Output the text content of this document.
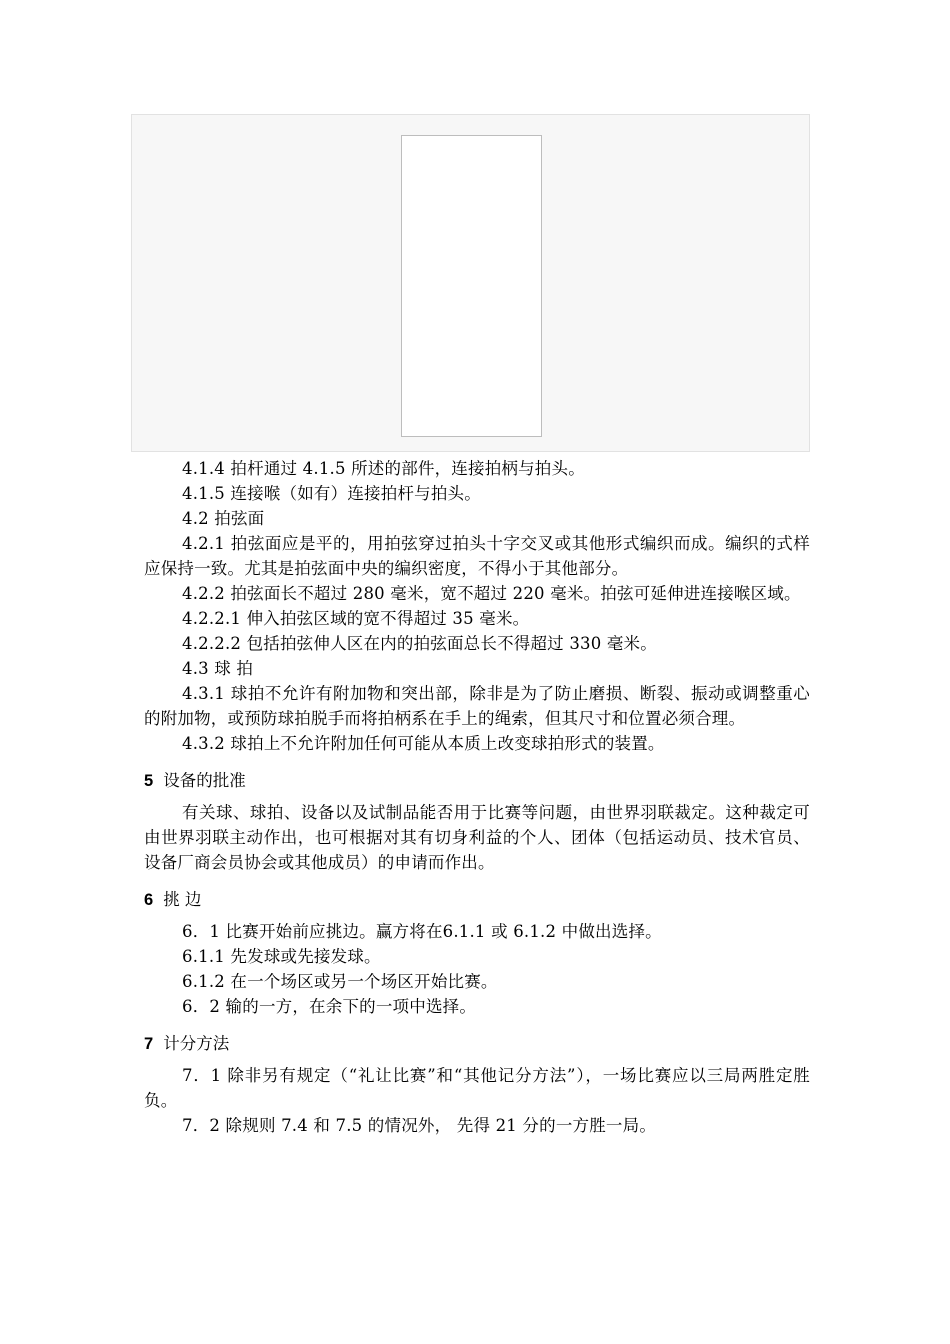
4.1.4 拍杆通过 4.1.5 所述的部件，连接拍柄与拍头。

4.1.5 连接喉（如有）连接拍杆与拍头。

4.2 拍弦面

4.2.1 拍弦面应是平的，用拍弦穿过拍头十字交叉或其他形式编织而成。编织的式样应保持一致。尤其是拍弦面中央的编织密度，不得小于其他部分。

4.2.2 拍弦面长不超过 280 毫米，宽不超过 220 毫米。拍弦可延伸进连接喉区域。

4.2.2.1 伸入拍弦区域的宽不得超过 35 毫米。

4.2.2.2 包括拍弦伸人区在内的拍弦面总长不得超过 330 毫米。

4.3 球 拍

4.3.1 球拍不允许有附加物和突出部，除非是为了防止磨损、断裂、振动或调整重心的附加物，或预防球拍脱手而将拍柄系在手上的绳索，但其尺寸和位置必须合理。

4.3.2 球拍上不允许附加任何可能从本质上改变球拍形式的装置。

5 设备的批准

有关球、球拍、设备以及试制品能否用于比赛等问题，由世界羽联裁定。这种裁定可由世界羽联主动作出，也可根据对其有切身利益的个人、团体（包括运动员、技术官员、设备厂商会员协会或其他成员）的申请而作出。

6 挑 边

6．1 比赛开始前应挑边。赢方将在6.1.1 或 6.1.2 中做出选择。

6.1.1 先发球或先接发球。

6.1.2 在一个场区或另一个场区开始比赛。

6．2 输的一方，在余下的一项中选择。

7 计分方法

7．1 除非另有规定（“礼让比赛”和“其他记分方法”），一场比赛应以三局两胜定胜负。

7．2 除规则 7.4 和 7.5 的情况外， 先得 21 分的一方胜一局。
